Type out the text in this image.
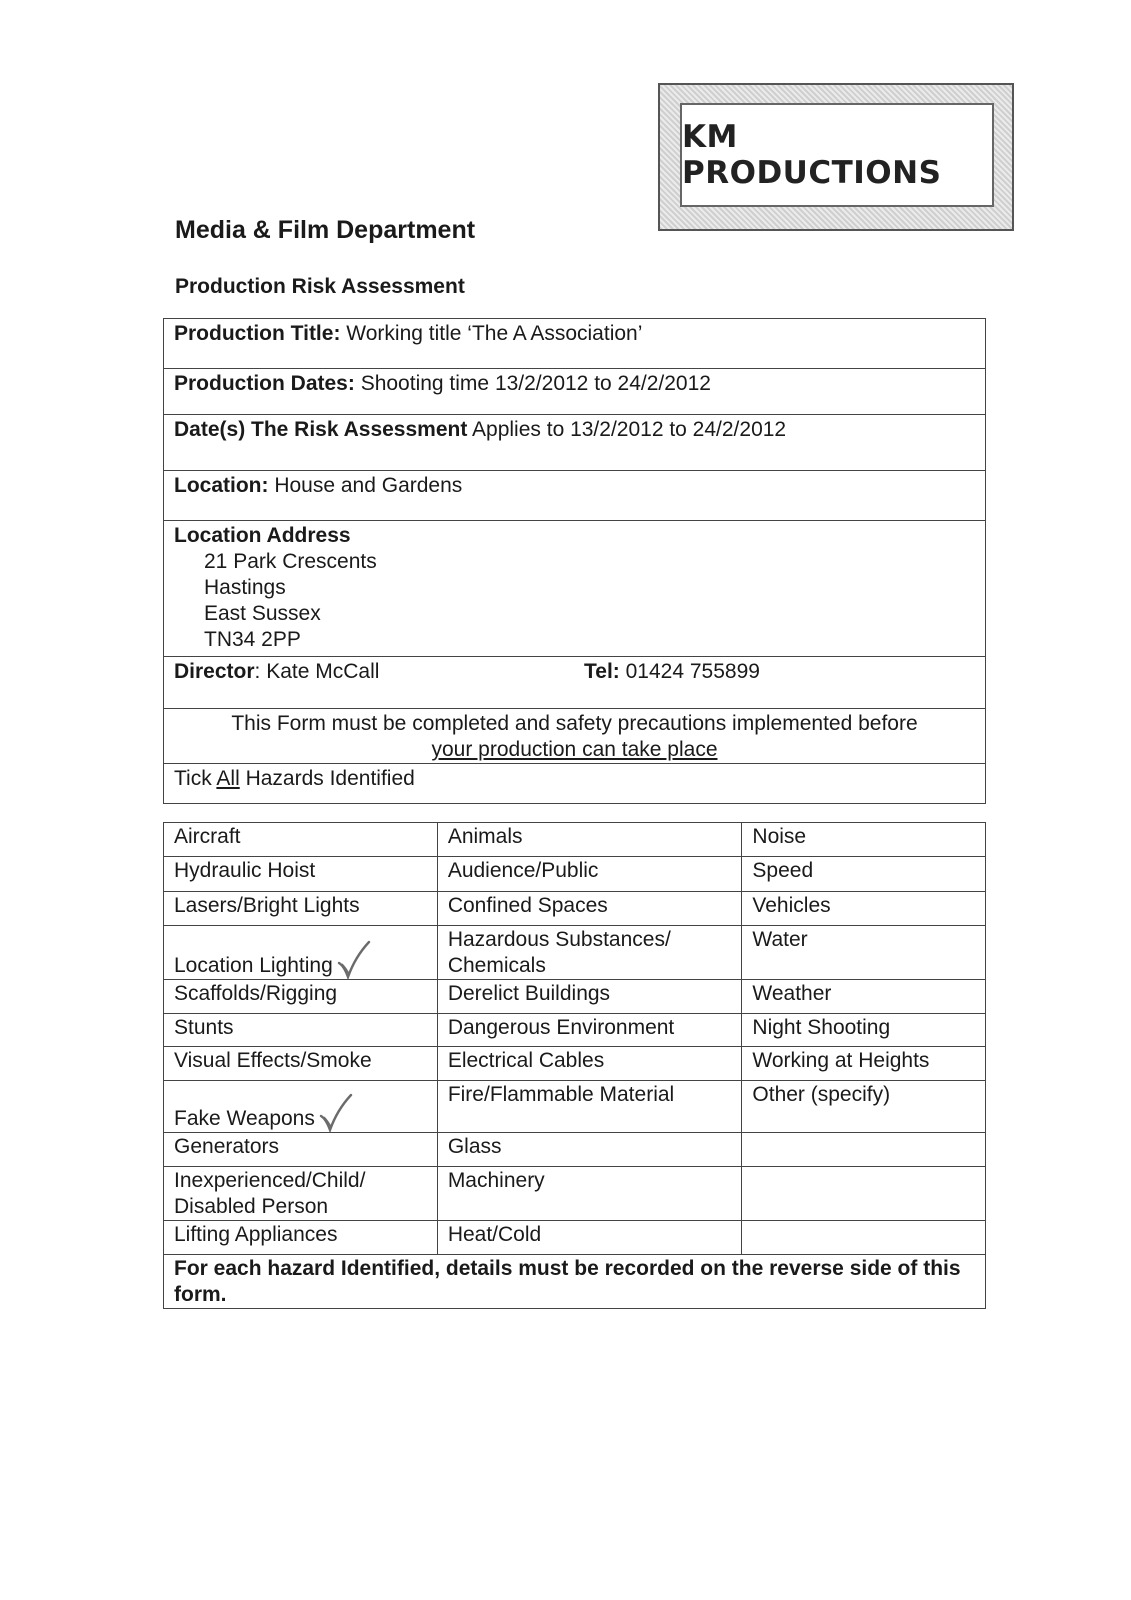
KM PRODUCTIONS
Media & Film Department
Production Risk Assessment
Production Title: Working title ‘The A Association’
Production Dates: Shooting time 13/2/2012 to 24/2/2012
Date(s) The Risk Assessment Applies to 13/2/2012 to 24/2/2012
Location: House and Gardens
Location Address
21 Park Crescents
Hastings
East Sussex
TN34 2PP

Director: Kate McCall	Tel: 01424 755899

This Form must be completed and safety precautions implemented before
your production can take place

Tick All Hazards Identified
Aircraft	Animals	Noise
Hydraulic Hoist	Audience/Public	Speed
Lasers/Bright Lights	Confined Spaces	Vehicles
Location Lighting	Hazardous Substances/ Chemicals	Water
Scaffolds/Rigging	Derelict Buildings	Weather
Stunts	Dangerous Environment	Night Shooting
Visual Effects/Smoke	Electrical Cables	Working at Heights
Fake Weapons	Fire/Flammable Material	Other (specify)
Generators	Glass	
Inexperienced/Child/ Disabled Person	Machinery	
Lifting Appliances	Heat/Cold	
For each hazard Identified, details must be recorded on the reverse side of this form.		
